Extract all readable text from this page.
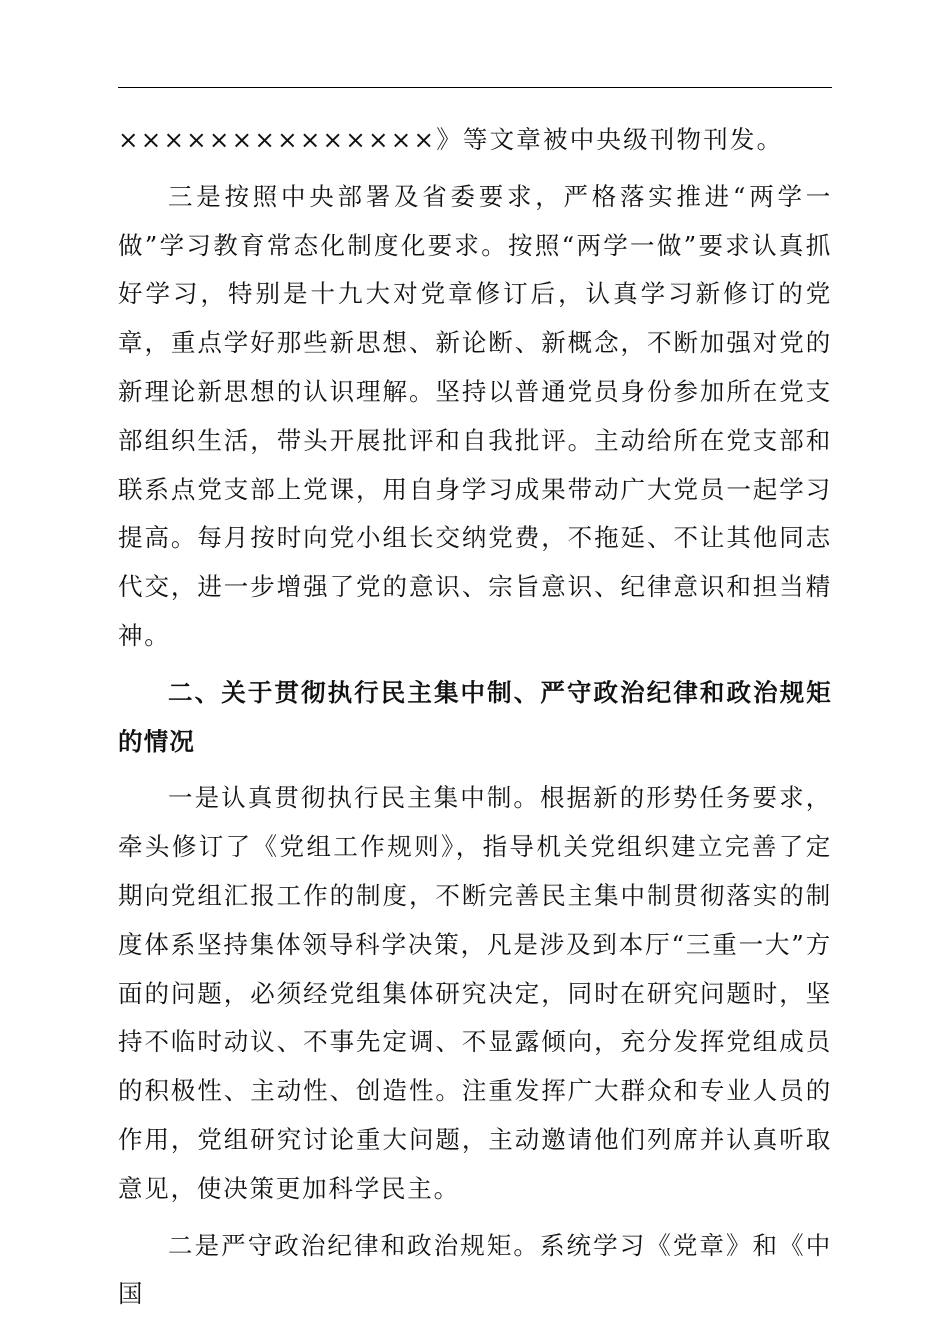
××××××××××××××》等文章被中央级刊物刊发。

三是按照中央部署及省委要求，严格落实推进“两学一做”学习教育常态化制度化要求。按照“两学一做”要求认真抓好学习，特别是十九大对党章修订后，认真学习新修订的党章，重点学好那些新思想、新论断、新概念，不断加强对党的新理论新思想的认识理解。坚持以普通党员身份参加所在党支部组织生活，带头开展批评和自我批评。主动给所在党支部和联系点党支部上党课，用自身学习成果带动广大党员一起学习提高。每月按时向党小组长交纳党费，不拖延、不让其他同志代交，进一步增强了党的意识、宗旨意识、纪律意识和担当精神。

二、关于贯彻执行民主集中制、严守政治纪律和政治规矩的情况

一是认真贯彻执行民主集中制。根据新的形势任务要求，牵头修订了《党组工作规则》，指导机关党组织建立完善了定期向党组汇报工作的制度，不断完善民主集中制贯彻落实的制度体系坚持集体领导科学决策，凡是涉及到本厅“三重一大”方面的问题，必须经党组集体研究决定，同时在研究问题时，坚持不临时动议、不事先定调、不显露倾向，充分发挥党组成员的积极性、主动性、创造性。注重发挥广大群众和专业人员的作用，党组研究讨论重大问题，主动邀请他们列席并认真听取意见，使决策更加科学民主。

二是严守政治纪律和政治规矩。系统学习《党章》和《中国
